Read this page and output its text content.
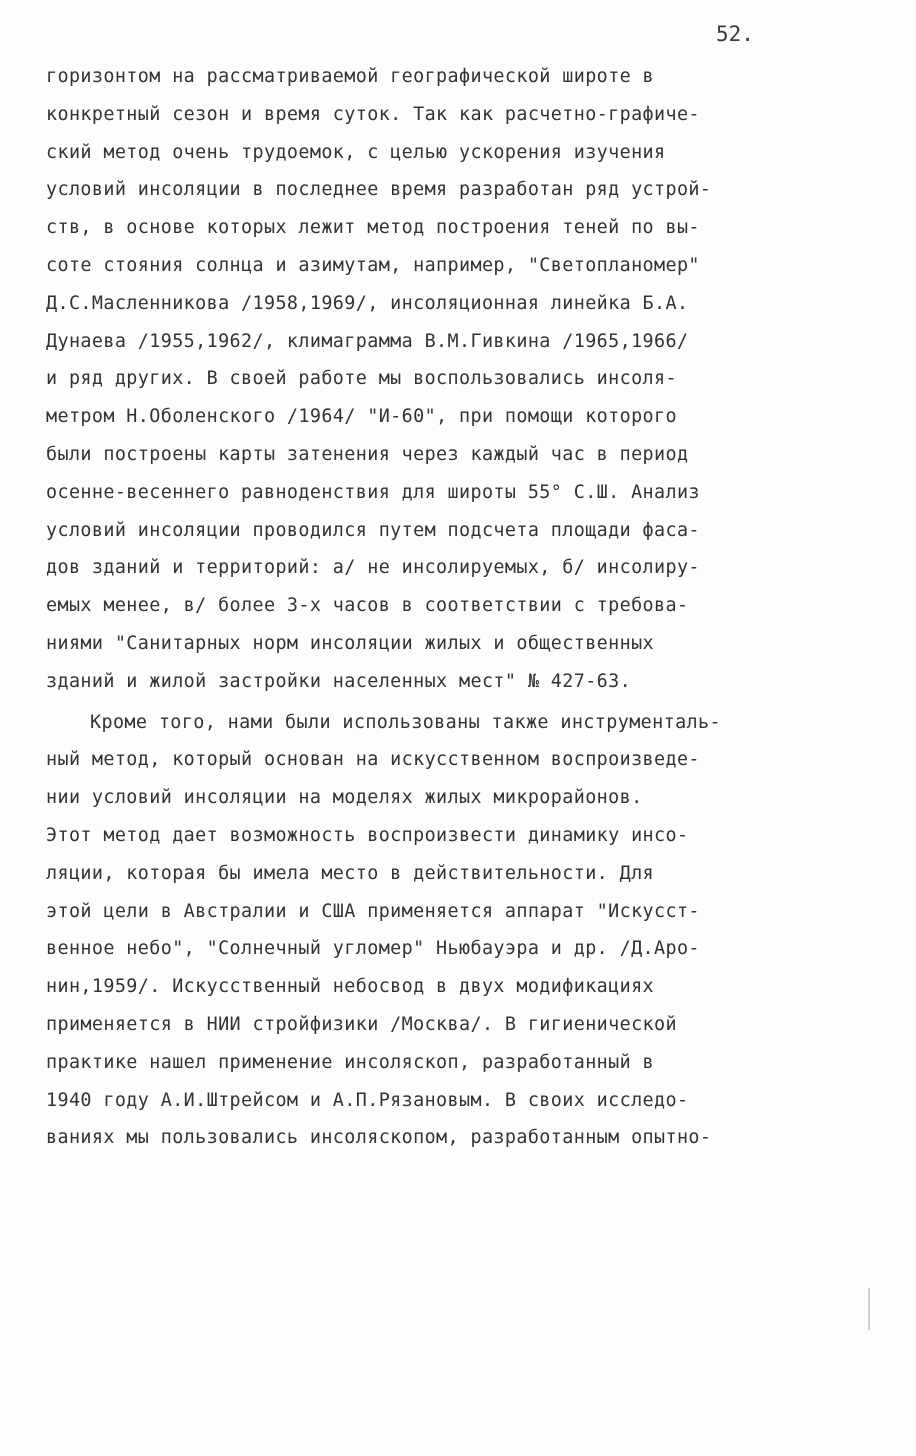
52.
горизонтом на рассматриваемой географической широте в
конкретный сезон и время суток. Так как расчетно-графиче-
ский метод очень трудоемок, с целью ускорения изучения
условий инсоляции в последнее время разработан ряд устрой-
ств, в основе которых лежит метод построения теней по вы-
соте стояния солнца и азимутам, например, "Светопланомер"
Д.С.Масленникова /1958,1969/, инсоляционная линейка Б.А.
Дунаева /1955,1962/, климаграмма В.М.Гивкина /1965,1966/
и ряд других. В своей работе мы воспользовались инсоля-
метром Н.Оболенского /1964/ "И-60", при помощи которого
были построены карты затенения через каждый час в период
осенне-весеннего равноденствия для широты 55° С.Ш. Анализ
условий инсоляции проводился путем подсчета площади фаса-
дов зданий и территорий: а/ не инсолируемых, б/ инсолиру-
емых менее, в/ более 3-х часов в соответствии с требова-
ниями "Санитарных норм инсоляции жилых и общественных
зданий и жилой застройки населенных мест" № 427-63.
Кроме того, нами были использованы также инструменталь-
ный метод, который основан на искусственном воспроизведе-
нии условий инсоляции на моделях жилых микрорайонов.
Этот метод дает возможность воспроизвести динамику инсо-
ляции, которая бы имела место в действительности. Для
этой цели в Австралии и США применяется аппарат "Искусст-
венное небо", "Солнечный угломер" Ньюбауэра и др. /Д.Аро-
нин,1959/. Искусственный небосвод в двух модификациях
применяется в НИИ стройфизики /Москва/. В гигиенической
практике нашел применение инсоляскоп, разработанный в
1940 году А.И.Штрейсом и А.П.Рязановым. В своих исследо-
ваниях мы пользовались инсоляскопом, разработанным опытно-
